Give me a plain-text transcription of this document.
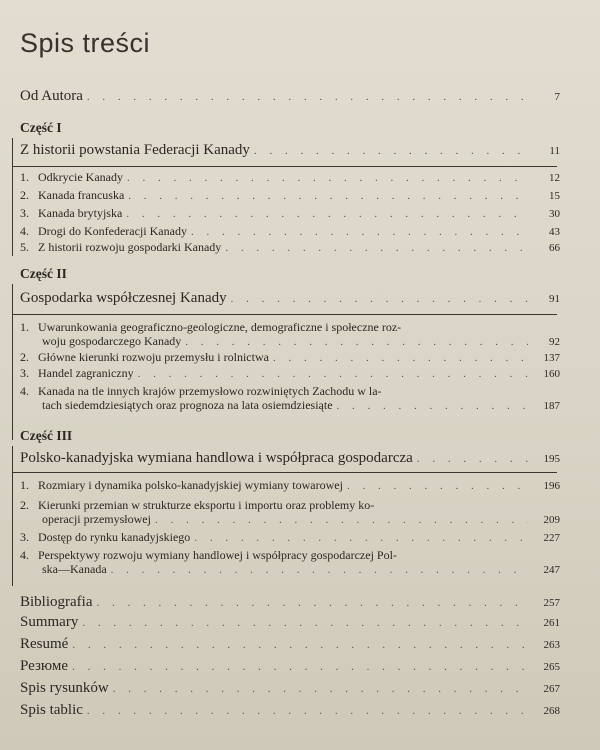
Spis treści
Od Autora . . .	7
Część I
Z historii powstania Federacji Kanady . . .	11
1. Odkrycie Kanady . . .	12
2. Kanada francuska . . .	15
3. Kanada brytyjska . . .	30
4. Drogi do Konfederacji Kanady . . .	43
5. Z historii rozwoju gospodarki Kanady . . .	66
Część II
Gospodarka współczesnej Kanady . . .	91
1. Uwarunkowania geograficzno-geologiczne, demograficzne i społeczne roz-
woju gospodarczego Kanady . . .	92
2. Główne kierunki rozwoju przemysłu i rolnictwa . . .	137
3. Handel zagraniczny . . .	160
4. Kanada na tle innych krajów przemysłowo rozwiniętych Zachodu w la-
tach siedemdziesiątych oraz prognoza na lata osiemdziesiąte . . .	187
Część III
Polsko-kanadyjska wymiana handlowa i współpraca gospodarcza . . .	195
1. Rozmiary i dynamika polsko-kanadyjskiej wymiany towarowej . . .	196
2. Kierunki przemian w strukturze eksportu i importu oraz problemy ko-
operacji przemysłowej . . .	209
3. Dostęp do rynku kanadyjskiego . . .	227
4. Perspektywy rozwoju wymiany handlowej i współpracy gospodarczej Pol-
ska—Kanada . . .	247
Bibliografia . . .	257
Summary . . .	261
Resumé . . .	263
Резюме . . .	265
Spis rysunków . . .	267
Spis tablic . . .	268
